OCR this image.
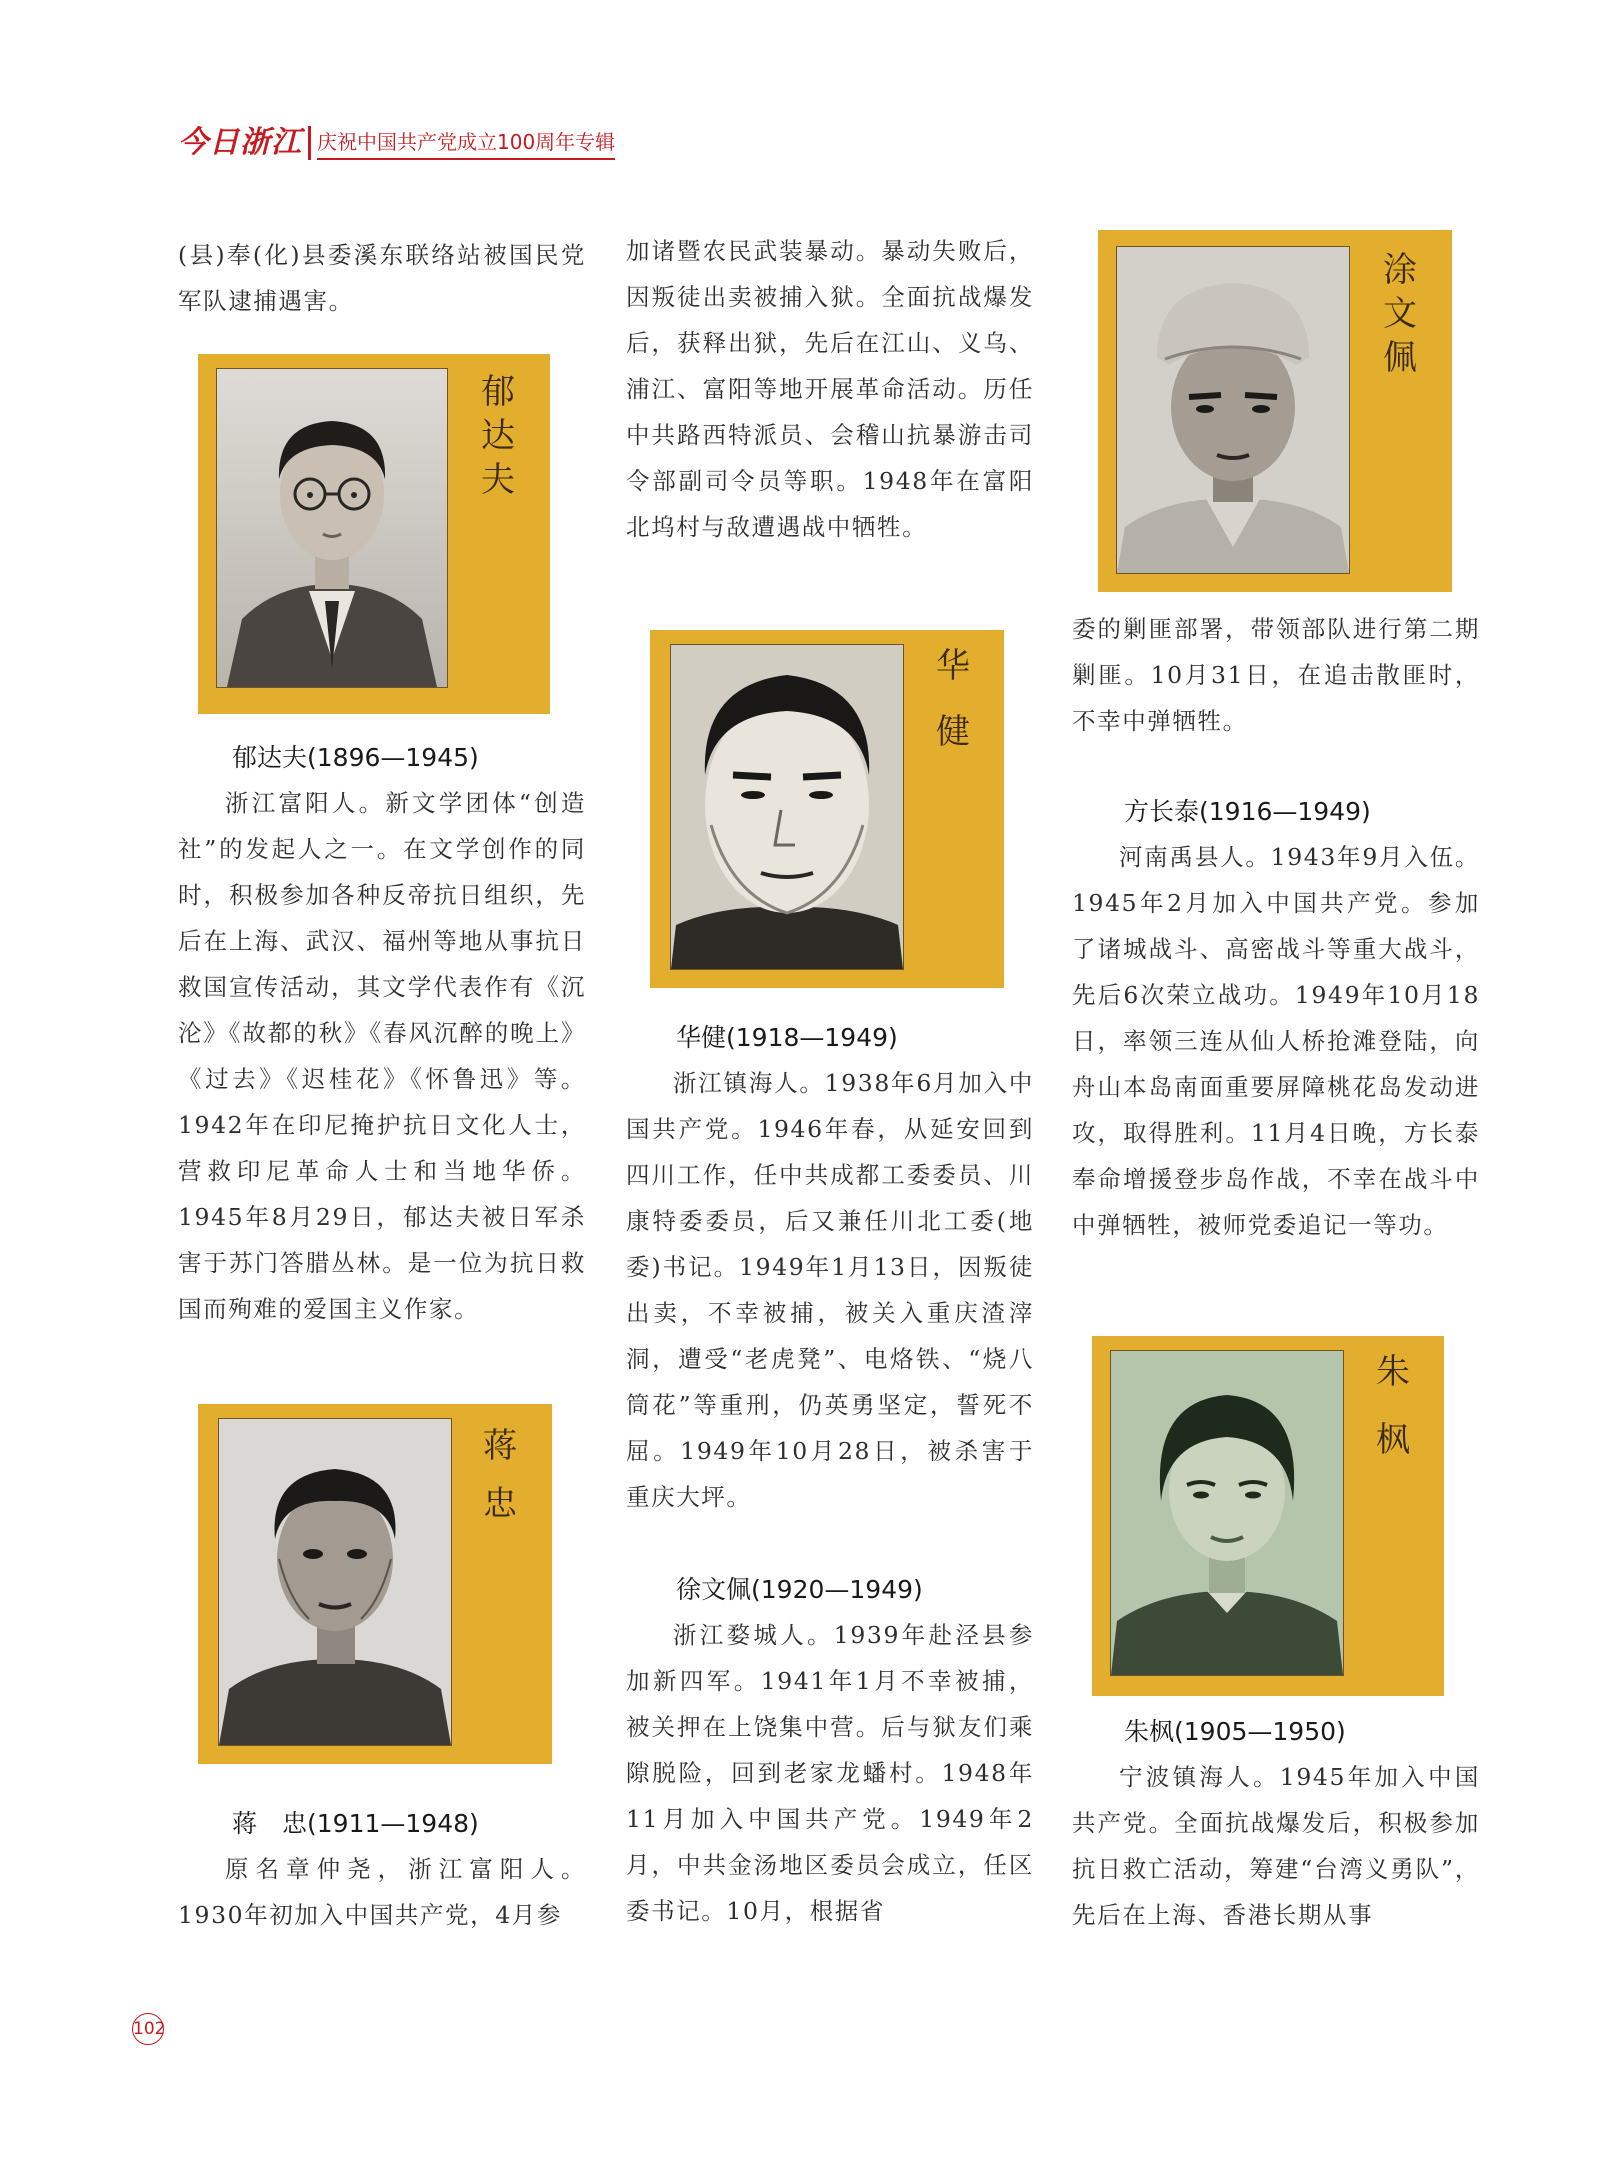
今日浙江 庆祝中国共产党成立100周年专辑

(县)奉(化)县委溪东联络站被国民党军队逮捕遇害。

郁
达
夫

郁达夫(1896—1945)

浙江富阳人。新文学团体“创造社”的发起人之一。在文学创作的同时，积极参加各种反帝抗日组织，先后在上海、武汉、福州等地从事抗日救国宣传活动，其文学代表作有《沉沦》《故都的秋》《春风沉醉的晚上》《过去》《迟桂花》《怀鲁迅》等。1942年在印尼掩护抗日文化人士，营救印尼革命人士和当地华侨。1945年8月29日，郁达夫被日军杀害于苏门答腊丛林。是一位为抗日救国而殉难的爱国主义作家。

蒋
忠

蒋　忠(1911—1948)

原名章仲尧，浙江富阳人。1930年初加入中国共产党，4月参

加诸暨农民武装暴动。暴动失败后，因叛徒出卖被捕入狱。全面抗战爆发后，获释出狱，先后在江山、义乌、浦江、富阳等地开展革命活动。历任中共路西特派员、会稽山抗暴游击司令部副司令员等职。1948年在富阳北坞村与敌遭遇战中牺牲。

华
健

华健(1918—1949)

浙江镇海人。1938年6月加入中国共产党。1946年春，从延安回到四川工作，任中共成都工委委员、川康特委委员，后又兼任川北工委(地委)书记。1949年1月13日，因叛徒出卖，不幸被捕，被关入重庆渣滓洞，遭受“老虎凳”、电烙铁、“烧八筒花”等重刑，仍英勇坚定，誓死不屈。1949年10月28日，被杀害于重庆大坪。

徐文佩(1920—1949)

浙江婺城人。1939年赴泾县参加新四军。1941年1月不幸被捕，被关押在上饶集中营。后与狱友们乘隙脱险，回到老家龙蟠村。1948年11月加入中国共产党。1949年2月，中共金汤地区委员会成立，任区委书记。10月，根据省

涂
文
佩

委的剿匪部署，带领部队进行第二期剿匪。10月31日，在追击散匪时，不幸中弹牺牲。

方长泰(1916—1949)

河南禹县人。1943年9月入伍。1945年2月加入中国共产党。参加了诸城战斗、高密战斗等重大战斗，先后6次荣立战功。1949年10月18日，率领三连从仙人桥抢滩登陆，向舟山本岛南面重要屏障桃花岛发动进攻，取得胜利。11月4日晚，方长泰奉命增援登步岛作战，不幸在战斗中中弹牺牲，被师党委追记一等功。

朱
枫

朱枫(1905—1950)

宁波镇海人。1945年加入中国共产党。全面抗战爆发后，积极参加抗日救亡活动，筹建“台湾义勇队”，先后在上海、香港长期从事

102
